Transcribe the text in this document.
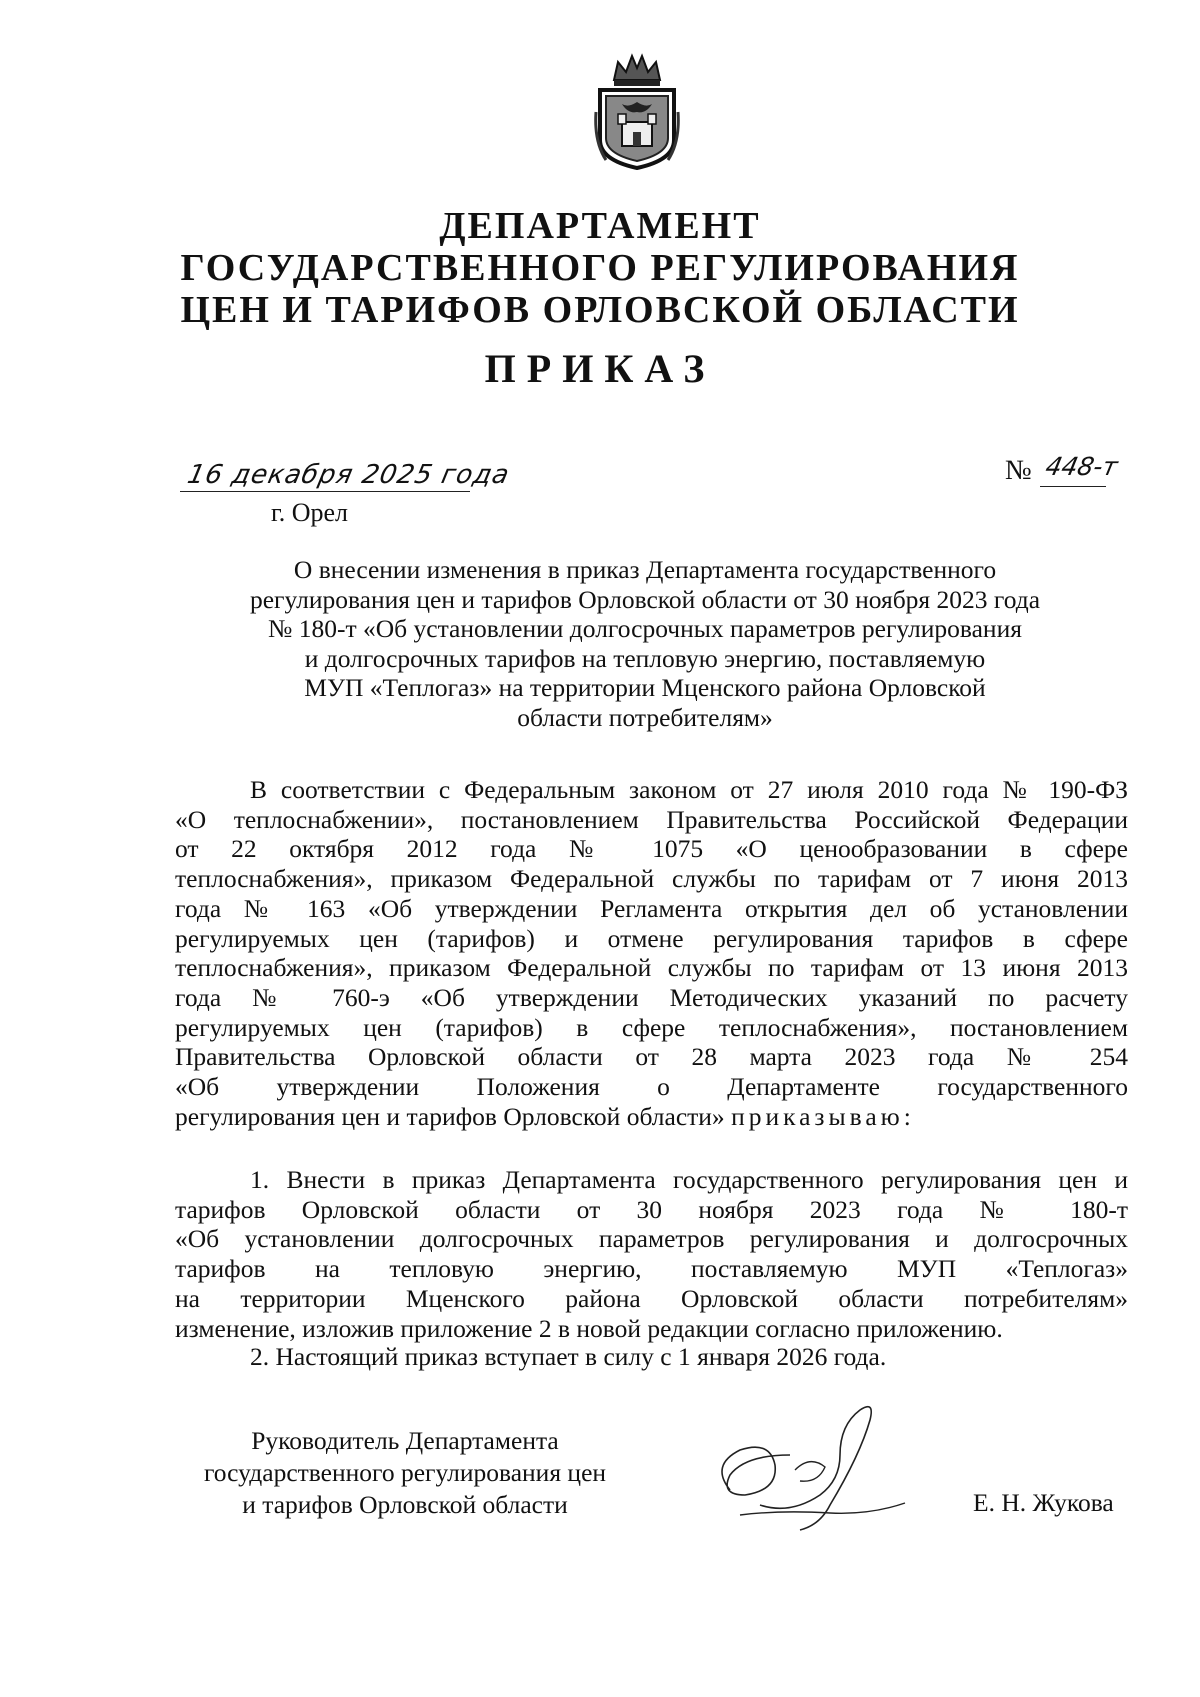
ДЕПАРТАМЕНТ
ГОСУДАРСТВЕННОГО РЕГУЛИРОВАНИЯ
ЦЕН И ТАРИФОВ ОРЛОВСКОЙ ОБЛАСТИ
ПРИКАЗ
16 декабря 2025 года
г. Орел
№ 448-т
О внесении изменения в приказ Департамента государственного
регулирования цен и тарифов Орловской области от 30 ноября 2023 года
№ 180-т «Об установлении долгосрочных параметров регулирования
и долгосрочных тарифов на тепловую энергию, поставляемую
МУП «Теплогаз» на территории Мценского района Орловской
области потребителям»
В соответствии с Федеральным законом от 27 июля 2010 года № 190-ФЗ
«О теплоснабжении», постановлением Правительства Российской Федерации
от 22 октября 2012 года № 1075 «О ценообразовании в сфере
теплоснабжения», приказом Федеральной службы по тарифам от 7 июня 2013
года № 163 «Об утверждении Регламента открытия дел об установлении
регулируемых цен (тарифов) и отмене регулирования тарифов в сфере
теплоснабжения», приказом Федеральной службы по тарифам от 13 июня 2013
года № 760-э «Об утверждении Методических указаний по расчету
регулируемых цен (тарифов) в сфере теплоснабжения», постановлением
Правительства Орловской области от 28 марта 2023 года № 254
«Об утверждении Положения о Департаменте государственного
регулирования цен и тарифов Орловской области» приказываю:
1. Внести в приказ Департамента государственного регулирования цен и
тарифов Орловской области от 30 ноября 2023 года № 180-т
«Об установлении долгосрочных параметров регулирования и долгосрочных
тарифов на тепловую энергию, поставляемую МУП «Теплогаз»
на территории Мценского района Орловской области потребителям»
изменение, изложив приложение 2 в новой редакции согласно приложению.
2. Настоящий приказ вступает в силу с 1 января 2026 года.
Руководитель Департамента
государственного регулирования цен
и тарифов Орловской области	Е. Н. Жукова
